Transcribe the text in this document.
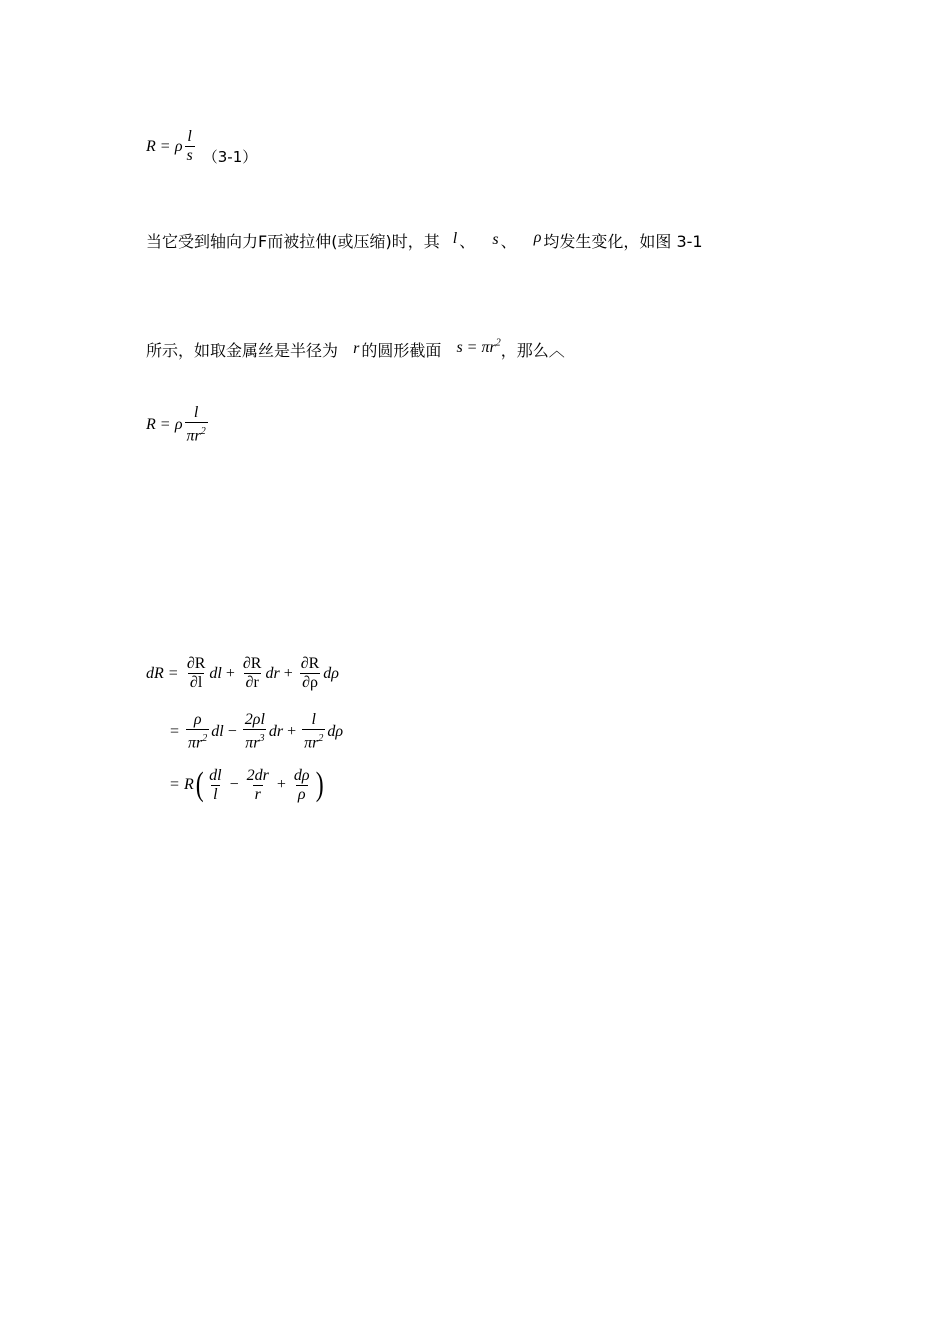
R = ρ $\frac{l}{s} (3-1)$
当它受到轴向力F而被拉伸(或压缩)时，其 l 、 s 、 ρ 均发生变化，如图 3-1
所示，如取金属丝是半径为 r 的圆形截面 $s = \pi r^2$，那么︿
R = ρ $\frac{l}{\pi r^2}$
dR = $\frac{\partial R}{\partial l}$ dl + $\frac{\partial R}{\partial r}$ dr + $\frac{\partial R}{\partial\rho}$ dρ
= $\frac{\rho}{\pi r^2}$ dl − $\frac{2\rho l}{\pi r^3}$ dr + $\frac{l}{\pi r^2}$ dρ
= R ( $\frac{dl}{l} - \frac{2dr}{r} + \frac{d\rho}{\rho}$ )
